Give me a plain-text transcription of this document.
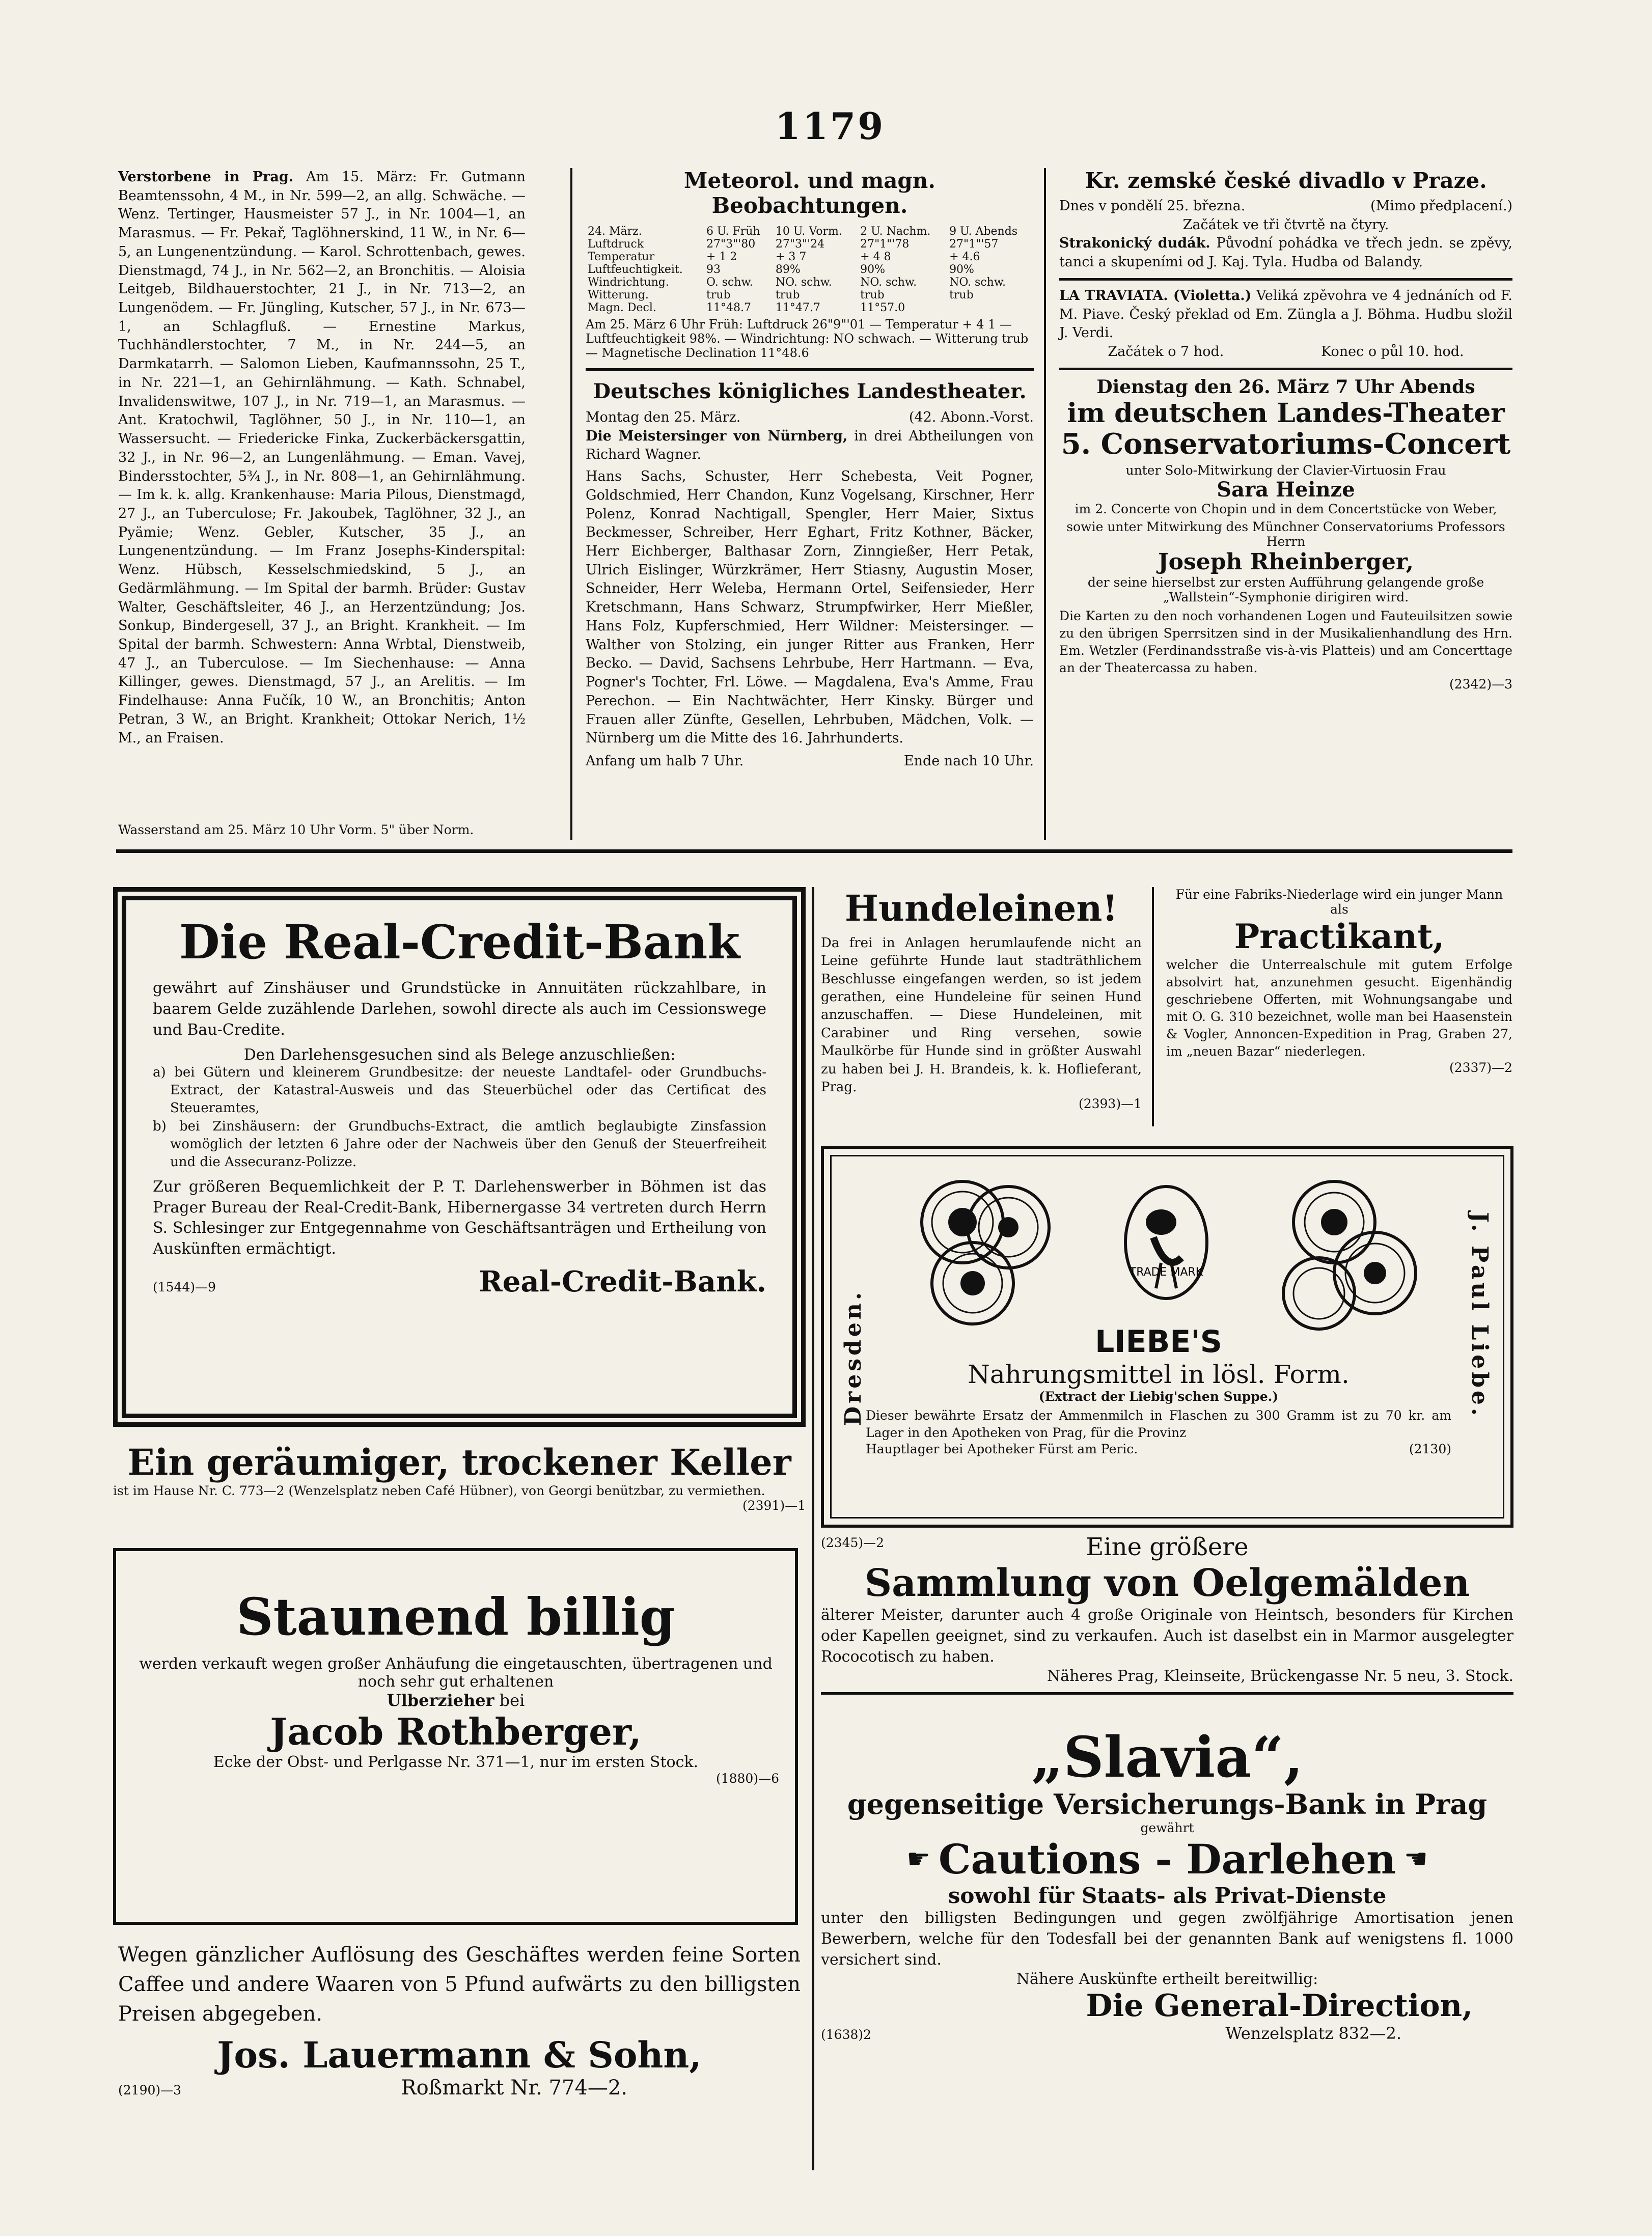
1179

Verstorbene in Prag. Am 15. März: Fr. Gutmann Beamtenssohn, 4 M., in Nr. 599—2, an allg. Schwäche. — Wenz. Tertinger, Hausmeister 57 J., in Nr. 1004—1, an Marasmus. — Fr. Pekař, Taglöhnerskind, 11 W., in Nr. 6—5, an Lungenentzündung. — Karol. Schrottenbach, gewes. Dienstmagd, 74 J., in Nr. 562—2, an Bronchitis. — Aloisia Leitgeb, Bildhauerstochter, 21 J., in Nr. 713—2, an Lungenödem. — Fr. Jüngling, Kutscher, 57 J., in Nr. 673—1, an Schlagfluß. — Ernestine Markus, Tuchhändlerstochter, 7 M., in Nr. 244—5, an Darmkatarrh. — Salomon Lieben, Kaufmannssohn, 25 T., in Nr. 221—1, an Gehirnlähmung. — Kath. Schnabel, Invalidenswitwe, 107 J., in Nr. 719—1, an Marasmus. — Ant. Kratochwil, Taglöhner, 50 J., in Nr. 110—1, an Wassersucht. — Friedericke Finka, Zuckerbäckersgattin, 32 J., in Nr. 96—2, an Lungenlähmung. — Eman. Vavej, Bindersstochter, 5¾ J., in Nr. 808—1, an Gehirnlähmung. — Im k. k. allg. Krankenhause: Maria Pilous, Dienstmagd, 27 J., an Tuberculose; Fr. Jakoubek, Taglöhner, 32 J., an Pyämie; Wenz. Gebler, Kutscher, 35 J., an Lungenentzündung. — Im Franz Josephs-Kinderspital: Wenz. Hübsch, Kesselschmiedskind, 5 J., an Gedärmlähmung. — Im Spital der barmh. Brüder: Gustav Walter, Geschäftsleiter, 46 J., an Herzentzündung; Jos. Sonkup, Bindergesell, 37 J., an Bright. Krankheit. — Im Spital der barmh. Schwestern: Anna Wrbtal, Dienstweib, 47 J., an Tuberculose. — Im Siechenhause: — Anna Killinger, gewes. Dienstmagd, 57 J., an Arelitis. — Im Findelhause: Anna Fučík, 10 W., an Bronchitis; Anton Petran, 3 W., an Bright. Krankheit; Ottokar Nerich, 1½ M., an Fraisen.

Wasserstand am 25. März 10 Uhr Vorm. 5" über Norm.
Meteorol. und magn. Beobachtungen.
24. März.	6 U. Früh	10 U. Vorm.	2 U. Nachm.	9 U. Abends
Luftdruck	27"3"'80	27"3"'24	27"1"'78	27"1"'57
Temperatur	+ 1 2	+ 3 7	+ 4 8	+ 4.6
Luftfeuchtigkeit.	93	89%	90%	90%
Windrichtung.	O. schw.	NO. schw.	NO. schw.	NO. schw.
Witterung.	trub	trub	trub	trub
Magn. Decl.	11°48.7	11°47.7	11°57.0	
Am 25. März 6 Uhr Früh: Luftdruck 26"9"'01 — Temperatur + 4 1 — Luftfeuchtigkeit 98%. — Windrichtung: NO schwach. — Witterung trub — Magnetische Declination 11°48.6
Deutsches königliches Landestheater.
Montag den 25. März.	(42. Abonn.-Vorst.

Die Meistersinger von Nürnberg, in drei Abtheilungen von Richard Wagner.

Hans Sachs, Schuster, Herr Schebesta, Veit Pogner, Goldschmied, Herr Chandon, Kunz Vogelsang, Kirschner, Herr Polenz, Konrad Nachtigall, Spengler, Herr Maier, Sixtus Beckmesser, Schreiber, Herr Eghart, Fritz Kothner, Bäcker, Herr Eichberger, Balthasar Zorn, Zinngießer, Herr Petak, Ulrich Eislinger, Würzkrämer, Herr Stiasny, Augustin Moser, Schneider, Herr Weleba, Hermann Ortel, Seifensieder, Herr Kretschmann, Hans Schwarz, Strumpfwirker, Herr Mießler, Hans Folz, Kupferschmied, Herr Wildner: Meistersinger. — Walther von Stolzing, ein junger Ritter aus Franken, Herr Becko. — David, Sachsens Lehrbube, Herr Hartmann. — Eva, Pogner's Tochter, Frl. Löwe. — Magdalena, Eva's Amme, Frau Perechon. — Ein Nachtwächter, Herr Kinsky. Bürger und Frauen aller Zünfte, Gesellen, Lehrbuben, Mädchen, Volk. — Nürnberg um die Mitte des 16. Jahrhunderts.

Anfang um halb 7 Uhr.	Ende nach 10 Uhr.
Kr. zemské české divadlo v Praze.
Dnes v pondělí 25. března.	(Mimo předplacení.)
Začátek ve tři čtvrtě na čtyry.

Strakonický dudák. Původní pohádka ve třech jedn. se zpěvy, tanci a skupeními od J. Kaj. Tyla. Hudba od Balandy.

LA TRAVIATA. (Violetta.) Veliká zpěvohra ve 4 jednáních od F. M. Piave. Český překlad od Em. Züngla a J. Böhma. Hudbu složil J. Verdi.

Začátek o 7 hod.	Konec o půl 10. hod.
Dienstag den 26. März 7 Uhr Abends
im deutschen Landes-Theater
5. Conservatoriums-Concert
unter Solo-Mitwirkung der Clavier-Virtuosin Frau
Sara Heinze
im 2. Concerte von Chopin und in dem Concertstücke von Weber,
sowie unter Mitwirkung des Münchner Conservatoriums Professors Herrn
Joseph Rheinberger,
der seine hierselbst zur ersten Aufführung gelangende große „Wallstein“-Symphonie dirigiren wird.
Die Karten zu den noch vorhandenen Logen und Fauteuilsitzen sowie zu den übrigen Sperrsitzen sind in der Musikalienhandlung des Hrn. Em. Wetzler (Ferdinandsstraße vis-à-vis Platteis) und am Concerttage an der Theatercassa zu haben.
(2342)—3
Die Real-Credit-Bank
gewährt auf Zinshäuser und Grundstücke in Annuitäten rückzahlbare, in baarem Gelde zuzählende Darlehen, sowohl directe als auch im Cessionswege und Bau-Credite.
Den Darlehensgesuchen sind als Belege anzuschließen:
a) bei Gütern und kleinerem Grundbesitze: der neueste Landtafel- oder Grundbuchs-Extract, der Katastral-Ausweis und das Steuerbüchel oder das Certificat des Steueramtes,
b) bei Zinshäusern: der Grundbuchs-Extract, die amtlich beglaubigte Zinsfassion womöglich der letzten 6 Jahre oder der Nachweis über den Genuß der Steuerfreiheit und die Assecuranz-Polizze.
Zur größeren Bequemlichkeit der P. T. Darlehenswerber in Böhmen ist das Prager Bureau der Real-Credit-Bank, Hibernergasse 34 vertreten durch Herrn S. Schlesinger zur Entgegennahme von Geschäftsanträgen und Ertheilung von Auskünften ermächtigt.
(1544)—9	Real-Credit-Bank.
Ein geräumiger, trockener Keller
ist im Hause Nr. C. 773—2 (Wenzelsplatz neben Café Hübner), von Georgi benützbar, zu vermiethen.
(2391)—1
Staunend billig
werden verkauft wegen großer Anhäufung die eingetauschten, übertragenen und noch sehr gut erhaltenen
Ulberzieher bei
Jacob Rothberger,
Ecke der Obst- und Perlgasse Nr. 371—1, nur im ersten Stock.
(1880)—6
Wegen gänzlicher Auflösung des Geschäftes werden feine Sorten Caffee und andere Waaren von 5 Pfund aufwärts zu den billigsten Preisen abgegeben.
Jos. Lauermann & Sohn,
(2190)—3	Roßmarkt Nr. 774—2.
Hundeleinen!
Da frei in Anlagen herumlaufende nicht an Leine geführte Hunde laut stadträthlichem Beschlusse eingefangen werden, so ist jedem gerathen, eine Hundeleine für seinen Hund anzuschaffen. — Diese Hundeleinen, mit Carabiner und Ring versehen, sowie Maulkörbe für Hunde sind in größter Auswahl zu haben bei J. H. Brandeis, k. k. Hoflieferant, Prag.
(2393)—1
Für eine Fabriks-Niederlage wird ein junger Mann als
Practikant,
welcher die Unterrealschule mit gutem Erfolge absolvirt hat, anzunehmen gesucht. Eigenhändig geschriebene Offerten, mit Wohnungsangabe und mit O. G. 310 bezeichnet, wolle man bei Haasenstein & Vogler, Annoncen-Expedition in Prag, Graben 27, im „neuen Bazar“ niederlegen.
(2337)—2
Dresden.	J. Paul Liebe.
TRADE MARK
LIEBE'S
Nahrungsmittel in lösl. Form.
(Extract der Liebig'schen Suppe.)
Dieser bewährte Ersatz der Ammenmilch in Flaschen zu 300 Gramm ist zu 70 kr. am Lager in den Apotheken von Prag, für die Provinz
Hauptlager bei Apotheker Fürst am Peric.	(2130)
(2345)—2	Eine größere
Sammlung von Oelgemälden
älterer Meister, darunter auch 4 große Originale von Heintsch, besonders für Kirchen oder Kapellen geeignet, sind zu verkaufen. Auch ist daselbst ein in Marmor ausgelegter Rococotisch zu haben.
Näheres Prag, Kleinseite, Brückengasse Nr. 5 neu, 3. Stock.
„Slavia“,
gegenseitige Versicherungs-Bank in Prag
gewährt
☛ Cautions - Darlehen ☚
sowohl für Staats- als Privat-Dienste
unter den billigsten Bedingungen und gegen zwölfjährige Amortisation jenen Bewerbern, welche für den Todesfall bei der genannten Bank auf wenigstens fl. 1000 versichert sind.
Nähere Auskünfte ertheilt bereitwillig:
Die General-Direction,
(1638)2	Wenzelsplatz 832—2.
